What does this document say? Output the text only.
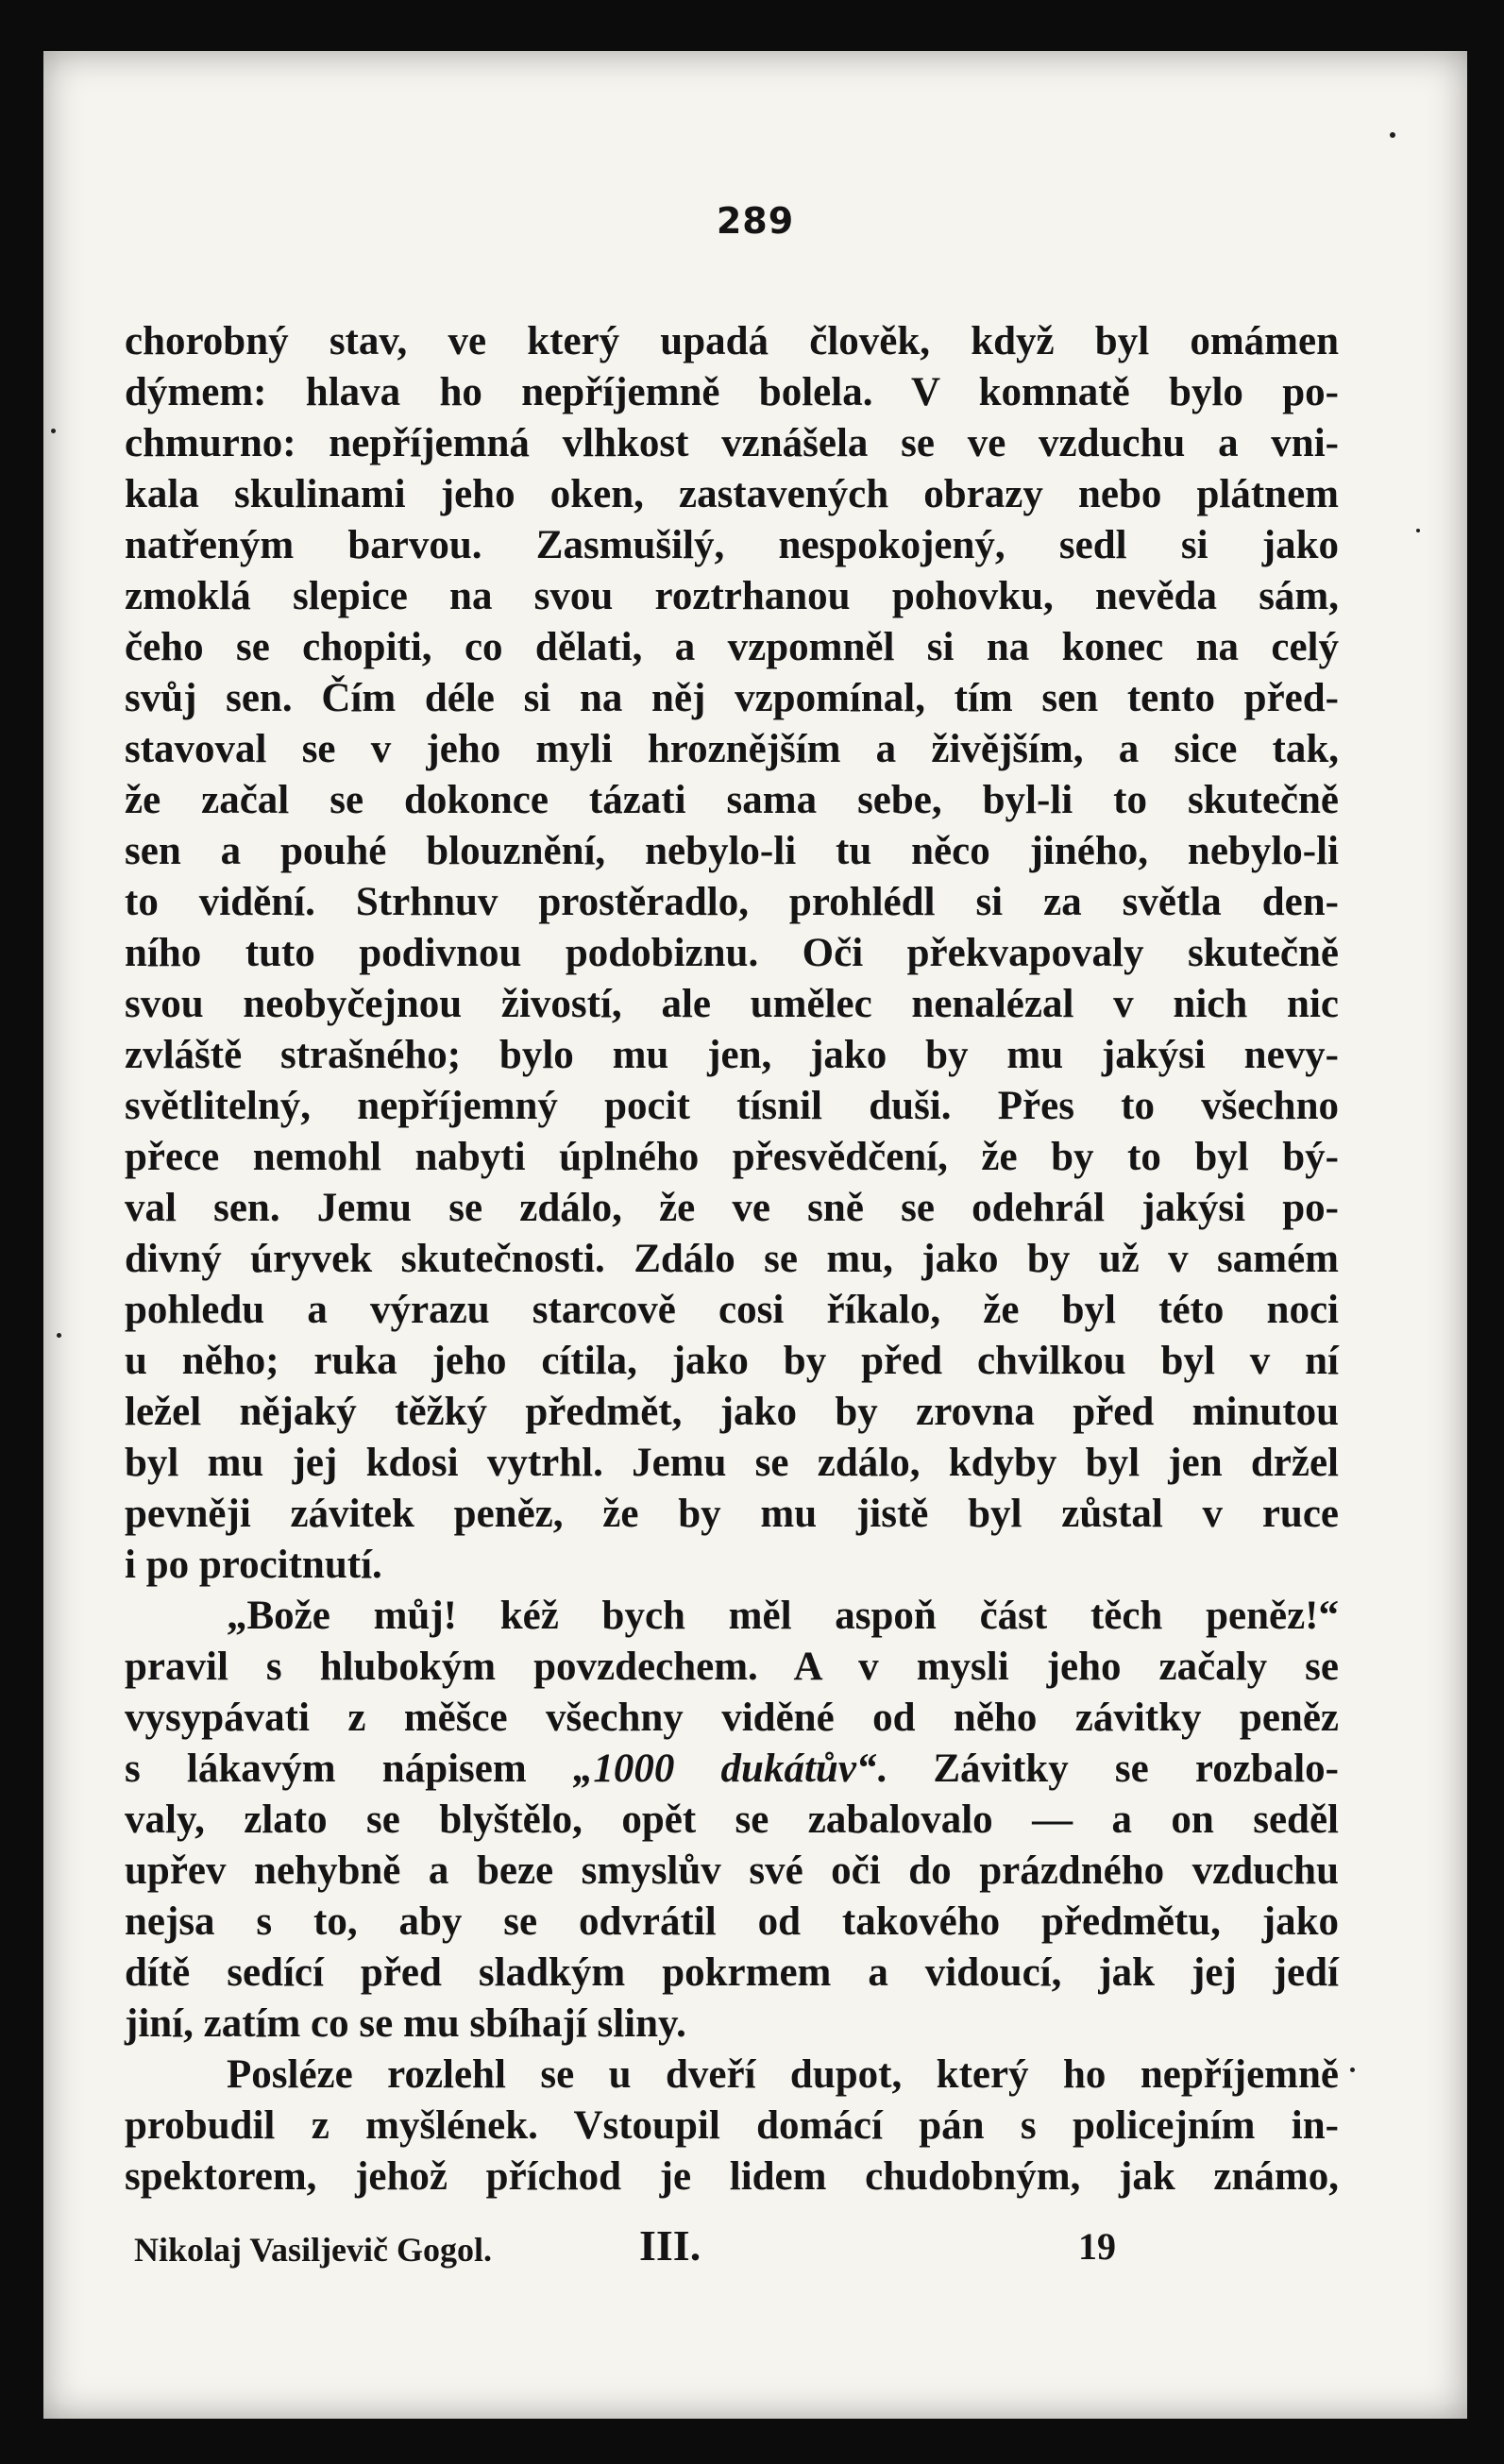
289
chorobný stav, ve který upadá člověk, když byl omámen
dýmem: hlava ho nepříjemně bolela. V komnatě bylo po-
chmurno: nepříjemná vlhkost vznášela se ve vzduchu a vni-
kala skulinami jeho oken, zastavených obrazy nebo plátnem
natřeným barvou. Zasmušilý, nespokojený, sedl si jako
zmoklá slepice na svou roztrhanou pohovku, nevěda sám,
čeho se chopiti, co dělati, a vzpomněl si na konec na celý
svůj sen. Čím déle si na něj vzpomínal, tím sen tento před-
stavoval se v jeho myli hroznějším a živějším, a sice tak,
že začal se dokonce tázati sama sebe, byl-li to skutečně
sen a pouhé blouznění, nebylo-li tu něco jiného, nebylo-li
to vidění. Strhnuv prostěradlo, prohlédl si za světla den-
ního tuto podivnou podobiznu. Oči překvapovaly skutečně
svou neobyčejnou živostí, ale umělec nenalézal v nich nic
zvláště strašného; bylo mu jen, jako by mu jakýsi nevy-
světlitelný, nepříjemný pocit tísnil duši. Přes to všechno
přece nemohl nabyti úplného přesvědčení, že by to byl bý-
val sen. Jemu se zdálo, že ve sně se odehrál jakýsi po-
divný úryvek skutečnosti. Zdálo se mu, jako by už v samém
pohledu a výrazu starcově cosi říkalo, že byl této noci
u něho; ruka jeho cítila, jako by před chvilkou byl v ní
ležel nějaký těžký předmět, jako by zrovna před minutou
byl mu jej kdosi vytrhl. Jemu se zdálo, kdyby byl jen držel
pevněji závitek peněz, že by mu jistě byl zůstal v ruce
i po procitnutí.
„Bože můj! kéž bych měl aspoň část těch peněz!“
pravil s hlubokým povzdechem. A v mysli jeho začaly se
vysypávati z měšce všechny viděné od něho závitky peněz
s lákavým nápisem „1000 dukátův“. Závitky se rozbalo-
valy, zlato se blyštělo, opět se zabalovalo — a on seděl
upřev nehybně a beze smyslův své oči do prázdného vzduchu
nejsa s to, aby se odvrátil od takového předmětu, jako
dítě sedící před sladkým pokrmem a vidoucí, jak jej jedí
jiní, zatím co se mu sbíhají sliny.
Posléze rozlehl se u dveří dupot, který ho nepříjemně
probudil z myšlének. Vstoupil domácí pán s policejním in-
spektorem, jehož příchod je lidem chudobným, jak známo,
Nikolaj Vasiljevič Gogol.	III.	19
